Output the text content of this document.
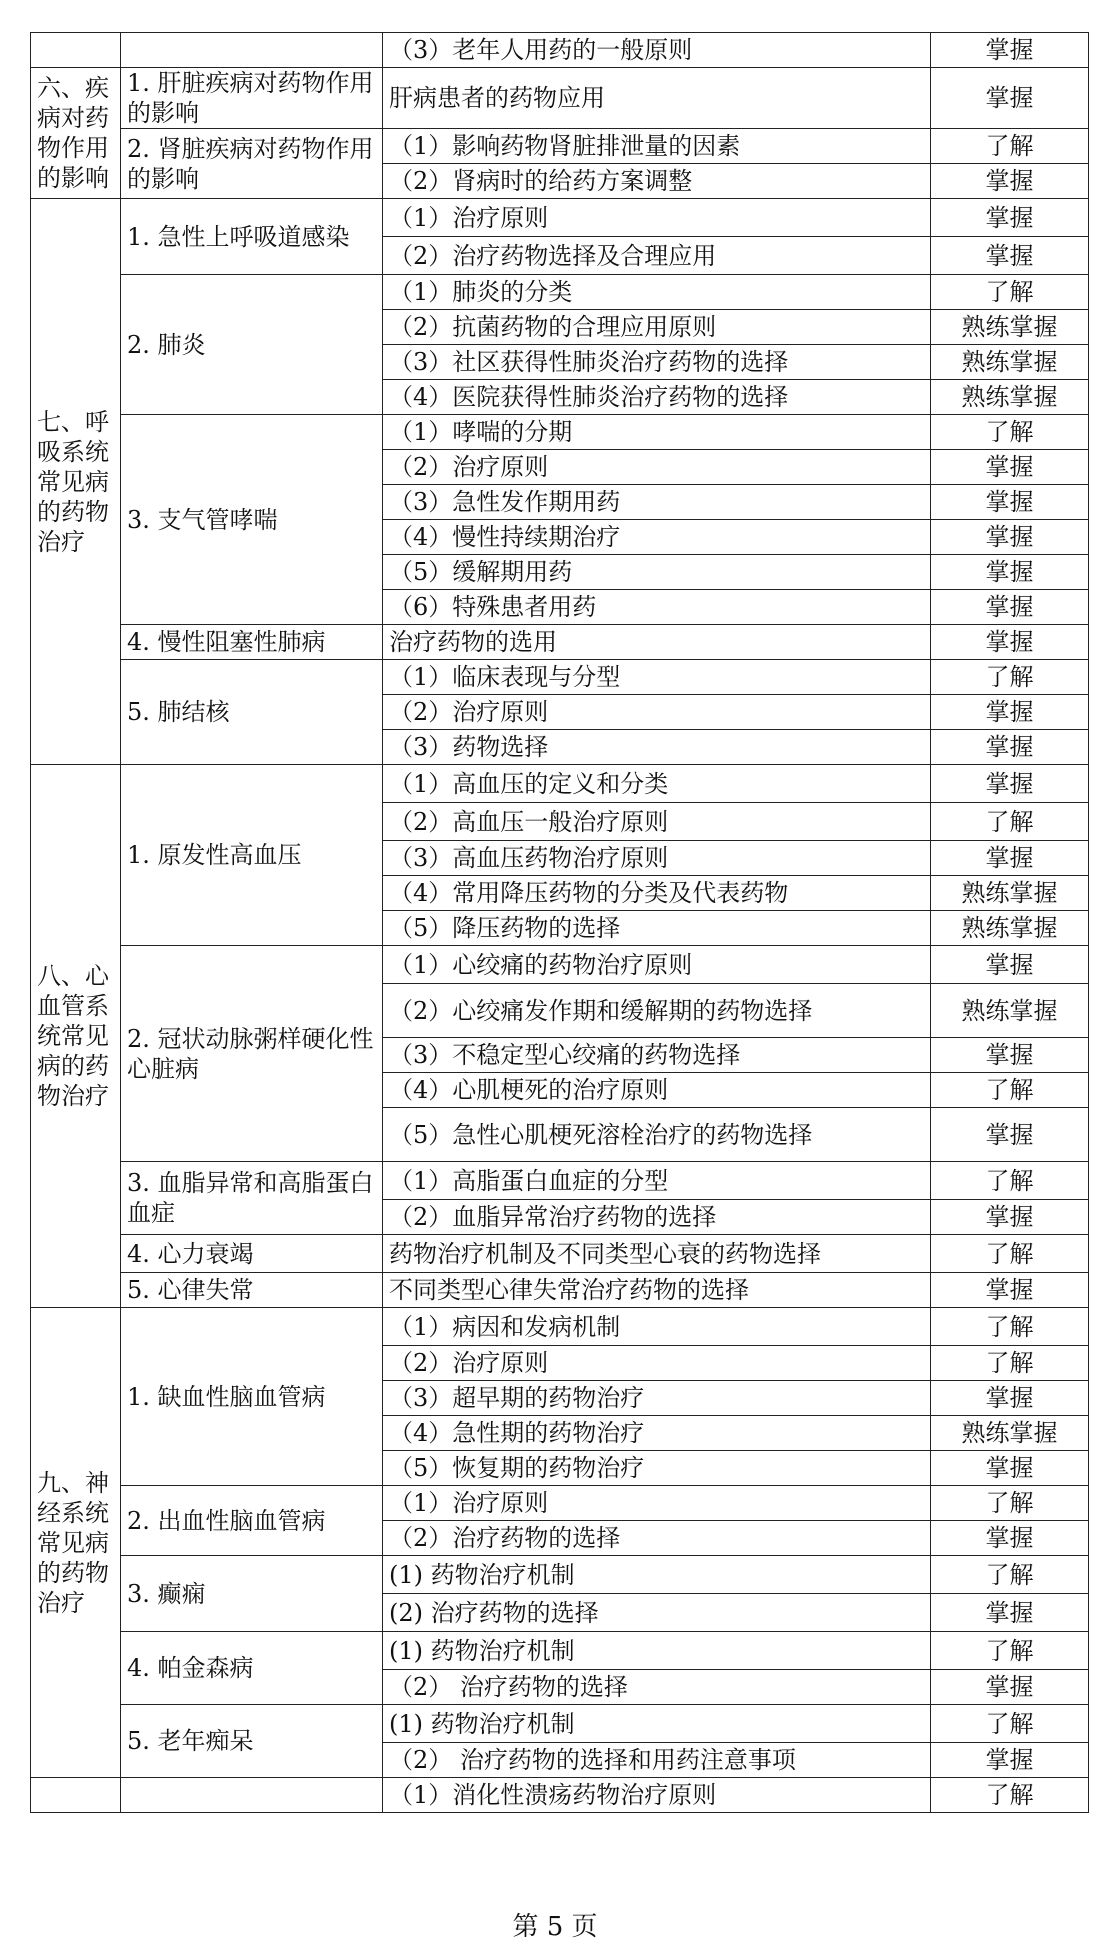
		（3）老年人用药的一般原则	掌握
六、疾病对药物作用的影响	1. 肝脏疾病对药物作用的影响	肝病患者的药物应用	掌握
	2. 肾脏疾病对药物作用的影响	（1）影响药物肾脏排泄量的因素	了解
		（2）肾病时的给药方案调整	掌握
七、呼吸系统常见病的药物治疗	1. 急性上呼吸道感染	（1）治疗原则	掌握
		（2）治疗药物选择及合理应用	掌握
	2. 肺炎	（1）肺炎的分类	了解
		（2）抗菌药物的合理应用原则	熟练掌握
		（3）社区获得性肺炎治疗药物的选择	熟练掌握
		（4）医院获得性肺炎治疗药物的选择	熟练掌握
	3. 支气管哮喘	（1）哮喘的分期	了解
		（2）治疗原则	掌握
		（3）急性发作期用药	掌握
		（4）慢性持续期治疗	掌握
		（5）缓解期用药	掌握
		（6）特殊患者用药	掌握
	4. 慢性阻塞性肺病	治疗药物的选用	掌握
	5. 肺结核	（1）临床表现与分型	了解
		（2）治疗原则	掌握
		（3）药物选择	掌握
八、心血管系统常见病的药物治疗	1. 原发性高血压	（1）高血压的定义和分类	掌握
		（2）高血压一般治疗原则	了解
		（3）高血压药物治疗原则	掌握
		（4）常用降压药物的分类及代表药物	熟练掌握
		（5）降压药物的选择	熟练掌握
	2. 冠状动脉粥样硬化性心脏病	（1）心绞痛的药物治疗原则	掌握
		（2）心绞痛发作期和缓解期的药物选择	熟练掌握
		（3）不稳定型心绞痛的药物选择	掌握
		（4）心肌梗死的治疗原则	了解
		（5）急性心肌梗死溶栓治疗的药物选择	掌握
	3. 血脂异常和高脂蛋白血症	（1）高脂蛋白血症的分型	了解
		（2）血脂异常治疗药物的选择	掌握
	4. 心力衰竭	药物治疗机制及不同类型心衰的药物选择	了解
	5. 心律失常	不同类型心律失常治疗药物的选择	掌握
九、神经系统常见病的药物治疗	1. 缺血性脑血管病	（1）病因和发病机制	了解
		（2）治疗原则	了解
		（3）超早期的药物治疗	掌握
		（4）急性期的药物治疗	熟练掌握
		（5）恢复期的药物治疗	掌握
	2. 出血性脑血管病	（1）治疗原则	了解
		（2）治疗药物的选择	掌握
	3. 癫痫	(1) 药物治疗机制	了解
		(2) 治疗药物的选择	掌握
	4. 帕金森病	(1) 药物治疗机制	了解
		（2） 治疗药物的选择	掌握
	5. 老年痴呆	(1) 药物治疗机制	了解
		（2） 治疗药物的选择和用药注意事项	掌握
		（1）消化性溃疡药物治疗原则	了解
第 5 页
